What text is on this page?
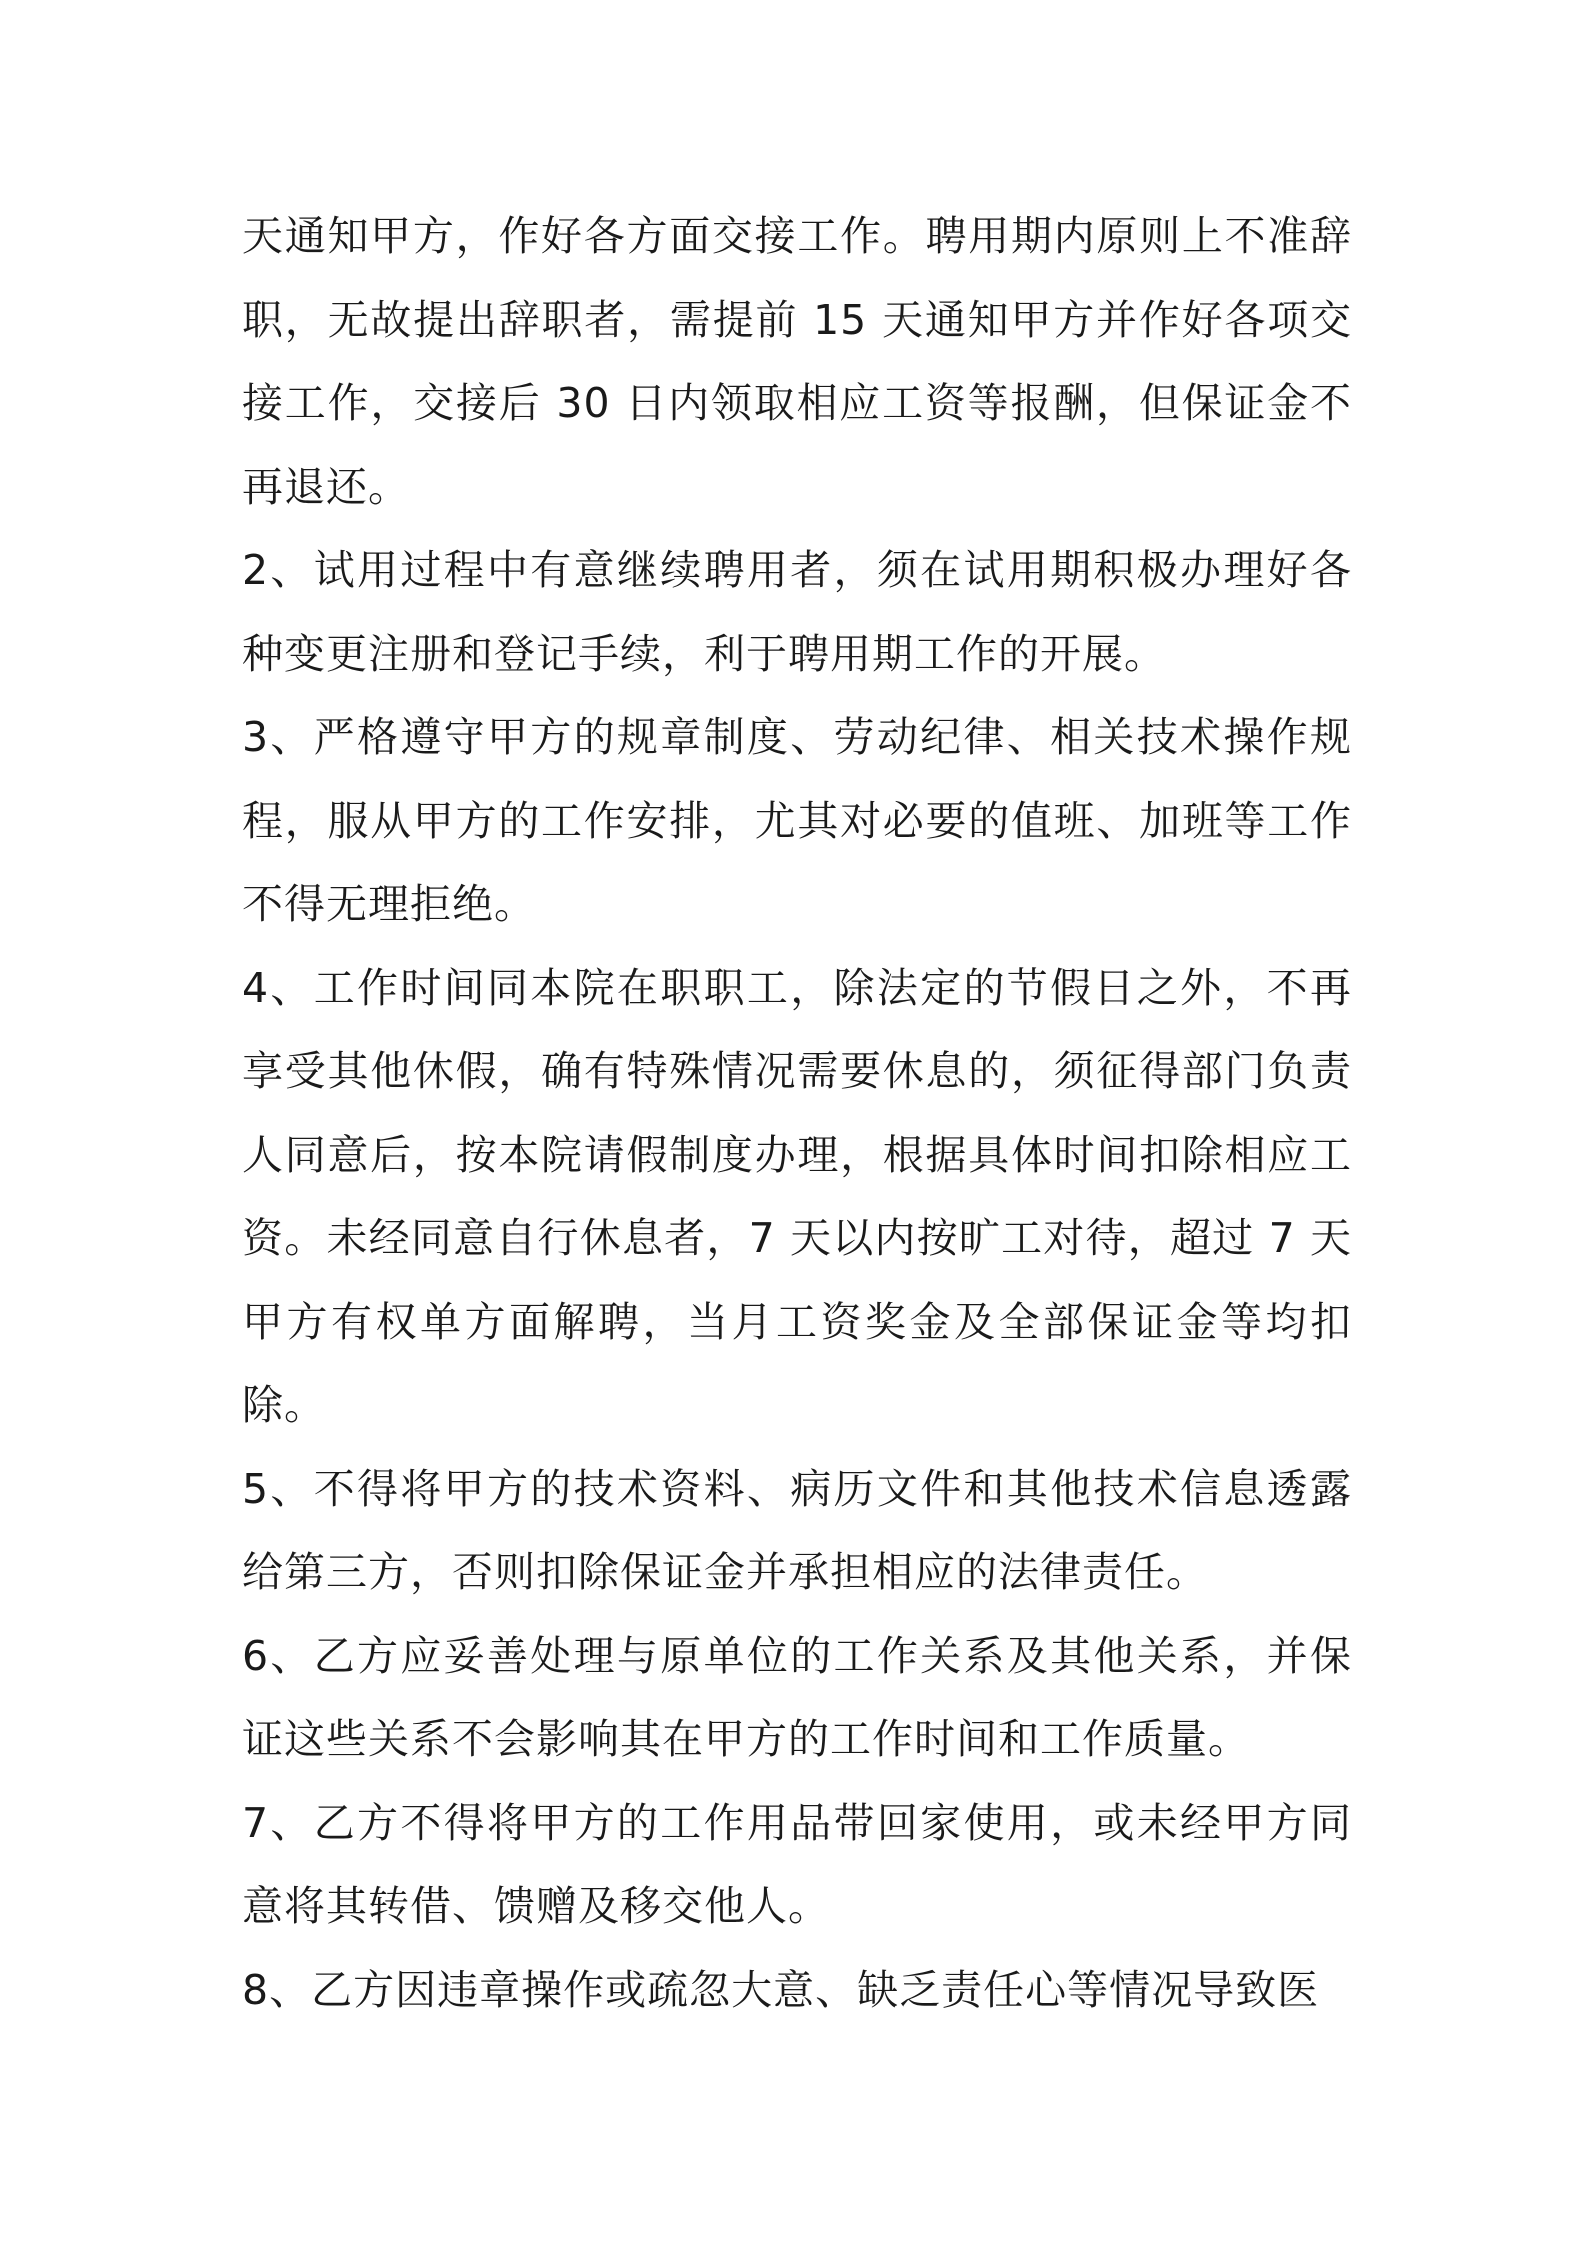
天通知甲方，作好各方面交接工作。聘用期内原则上不准辞职，无故提出辞职者，需提前 15 天通知甲方并作好各项交接工作，交接后 30 日内领取相应工资等报酬，但保证金不再退还。

2、试用过程中有意继续聘用者，须在试用期积极办理好各种变更注册和登记手续，利于聘用期工作的开展。

3、严格遵守甲方的规章制度、劳动纪律、相关技术操作规程，服从甲方的工作安排，尤其对必要的值班、加班等工作不得无理拒绝。

4、工作时间同本院在职职工，除法定的节假日之外，不再享受其他休假，确有特殊情况需要休息的，须征得部门负责人同意后，按本院请假制度办理，根据具体时间扣除相应工资。未经同意自行休息者，7 天以内按旷工对待，超过 7 天甲方有权单方面解聘，当月工资奖金及全部保证金等均扣除。

5、不得将甲方的技术资料、病历文件和其他技术信息透露给第三方，否则扣除保证金并承担相应的法律责任。

6、乙方应妥善处理与原单位的工作关系及其他关系，并保证这些关系不会影响其在甲方的工作时间和工作质量。

7、乙方不得将甲方的工作用品带回家使用，或未经甲方同意将其转借、馈赠及移交他人。

8、乙方因违章操作或疏忽大意、缺乏责任心等情况导致医
